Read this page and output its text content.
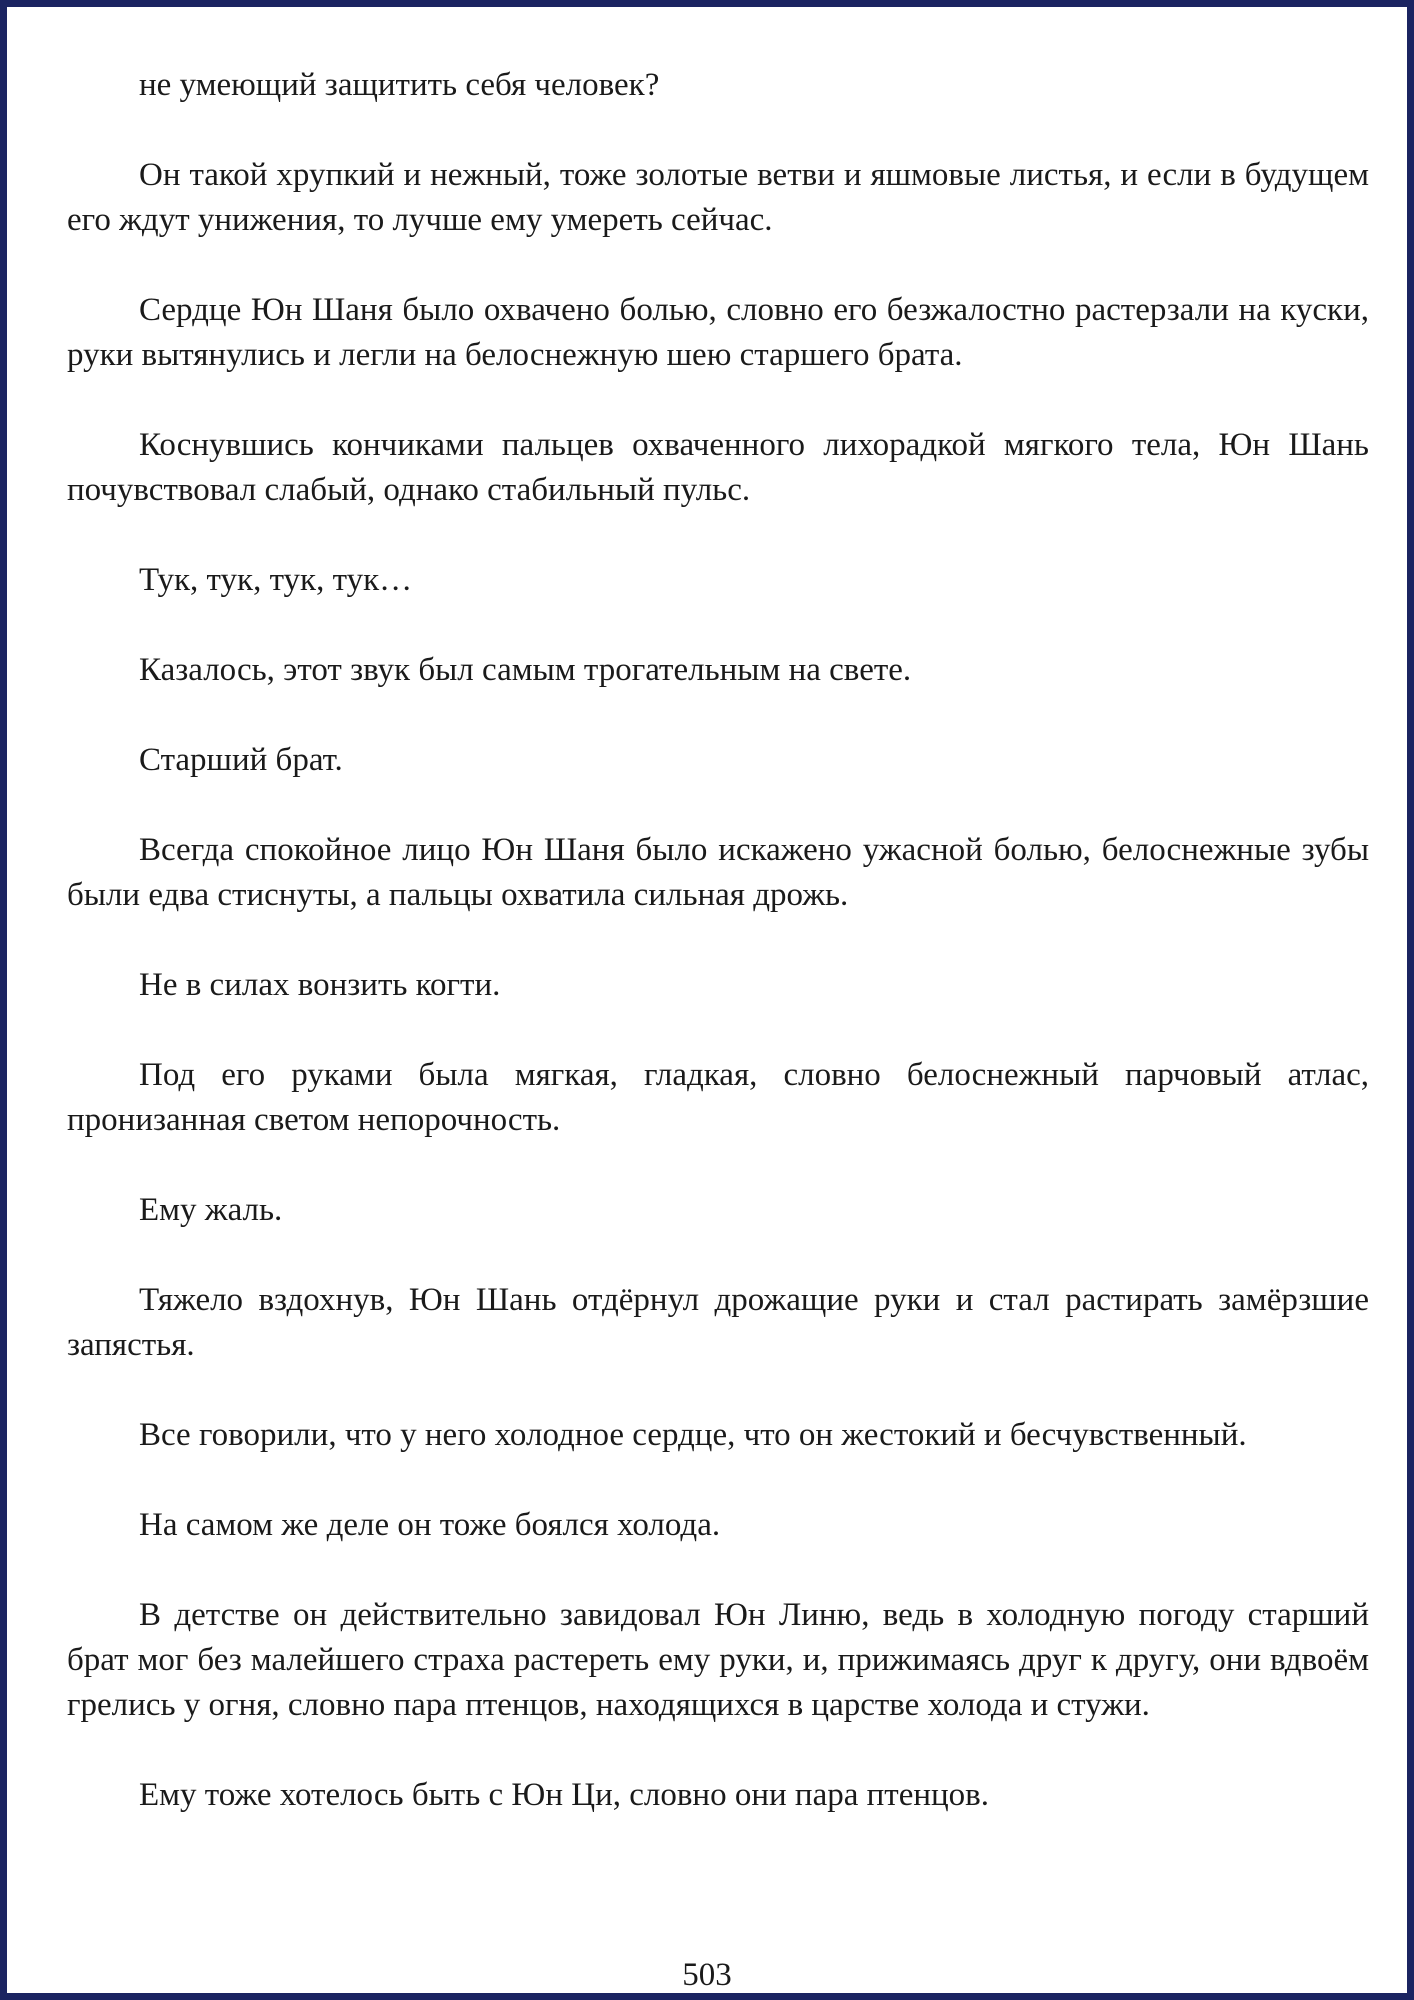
не умеющий защитить себя человек?

Он такой хрупкий и нежный, тоже золотые ветви и яшмовые листья, и если в будущем его ждут унижения, то лучше ему умереть сейчас.

Сердце Юн Шаня было охвачено болью, словно его безжалостно растерзали на куски, руки вытянулись и легли на белоснежную шею старшего брата.

Коснувшись кончиками пальцев охваченного лихорадкой мягкого тела, Юн Шань почувствовал слабый, однако стабильный пульс.

Тук, тук, тук, тук…

Казалось, этот звук был самым трогательным на свете.

Старший брат.

Всегда спокойное лицо Юн Шаня было искажено ужасной болью, белоснежные зубы были едва стиснуты, а пальцы охватила сильная дрожь.

Не в силах вонзить когти.

Под его руками была мягкая, гладкая, словно белоснежный парчовый атлас, пронизанная светом непорочность.

Ему жаль.

Тяжело вздохнув, Юн Шань отдёрнул дрожащие руки и стал растирать замёрзшие запястья.

Все говорили, что у него холодное сердце, что он жестокий и бесчувственный.

На самом же деле он тоже боялся холода.

В детстве он действительно завидовал Юн Линю, ведь в холодную погоду старший брат мог без малейшего страха растереть ему руки, и, прижимаясь друг к другу, они вдвоём грелись у огня, словно пара птенцов, находящихся в царстве холода и стужи.

Ему тоже хотелось быть с Юн Ци, словно они пара птенцов.

503
